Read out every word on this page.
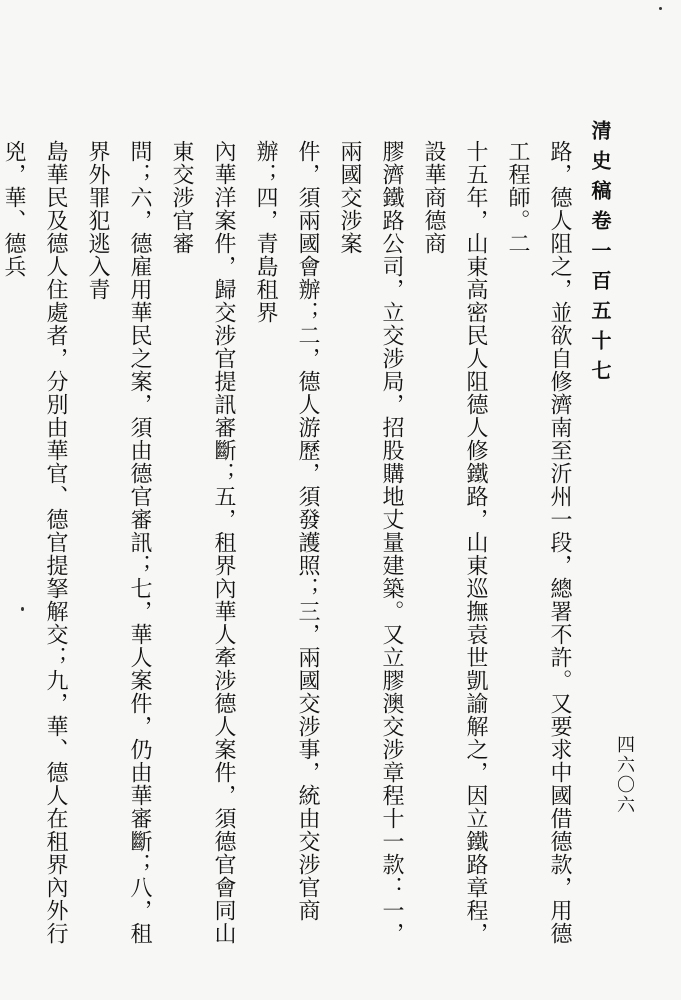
清史稿卷一百五十七
路，德人阻之，並欲自修濟南至沂州一段，總署不許。又要求中國借德款，用德工程師。二
十五年，山東高密民人阻德人修鐵路，山東巡撫袁世凱諭解之，因立鐵路章程，設華商德商
膠濟鐵路公司，立交涉局，招股購地丈量建築。又立膠澳交涉章程十一款：一，兩國交涉案
件，須兩國會辦；二，德人游歷，須發護照；三，兩國交涉事，統由交涉官商辦；四，青島租界
內華洋案件，歸交涉官提訊審斷；五，租界內華人牽涉德人案件，須德官會同山東交涉官審
問；六，德雇用華民之案，須由德官審訊；七，華人案件，仍由華審斷；八，租界外罪犯逃入青
島華民及德人住處者，分別由華官、德官提拏解交；九，華、德人在租界內外行兇，華、德兵
四六〇六
